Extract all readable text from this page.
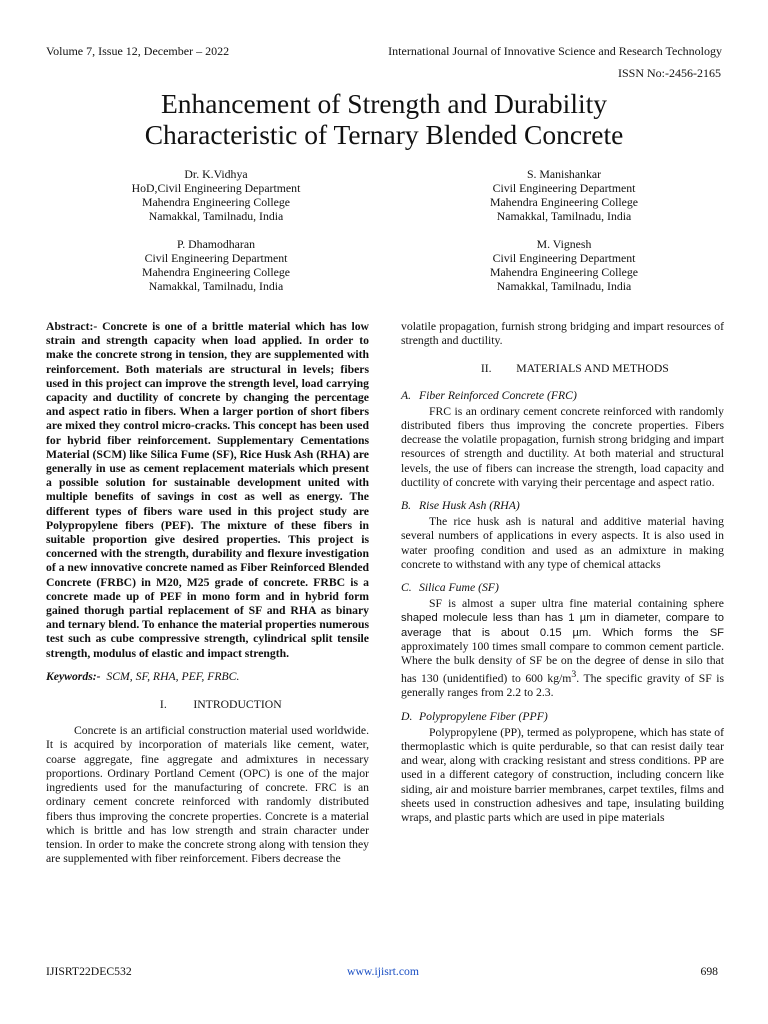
Volume 7, Issue 12, December – 2022	International Journal of Innovative Science and Research Technology
ISSN No:-2456-2165
Enhancement of Strength and Durability
Characteristic of Ternary Blended Concrete
Dr. K.Vidhya
HoD,Civil Engineering Department
Mahendra Engineering College
Namakkal, Tamilnadu, India
S. Manishankar
Civil Engineering Department
Mahendra Engineering College
Namakkal, Tamilnadu, India
P. Dhamodharan
Civil Engineering Department
Mahendra Engineering College
Namakkal, Tamilnadu, India
M. Vignesh
Civil Engineering Department
Mahendra Engineering College
Namakkal, Tamilnadu, India

Abstract:- Concrete is one of a brittle material which has low strain and strength capacity when load applied. In order to make the concrete strong in tension, they are supplemented with reinforcement. Both materials are structural in levels; fibers used in this project can improve the strength level, load carrying capacity and ductility of concrete by changing the percentage and aspect ratio in fibers. When a larger portion of short fibers are mixed they control micro-cracks. This concept has been used for hybrid fiber reinforcement. Supplementary Cementations Material (SCM) like Silica Fume (SF), Rice Husk Ash (RHA) are generally in use as cement replacement materials which present a possible solution for sustainable development united with multiple benefits of savings in cost as well as energy. The different types of fibers ware used in this project study are Polypropylene fibers (PEF). The mixture of these fibers in suitable proportion give desired properties. This project is concerned with the strength, durability and flexure investigation of a new innovative concrete named as Fiber Reinforced Blended Concrete (FRBC) in M20, M25 grade of concrete. FRBC is a concrete made up of PEF in mono form and in hybrid form gained thorugh partial replacement of SF and RHA as binary and ternary blend. To enhance the material properties numerous test such as cube compressive strength, cylindrical split tensile strength, modulus of elastic and impact strength.

Keywords:- SCM, SF, RHA, PEF, FRBC.

I. INTRODUCTION

Concrete is an artificial construction material used worldwide. It is acquired by incorporation of materials like cement, water, coarse aggregate, fine aggregate and admixtures in necessary proportions. Ordinary Portland Cement (OPC) is one of the major ingredients used for the manufacturing of concrete. FRC is an ordinary cement concrete reinforced with randomly distributed fibers thus improving the concrete properties. Concrete is a material which is brittle and has low strength and strain character under tension. In order to make the concrete strong along with tension they are supplemented with fiber reinforcement. Fibers decrease the

volatile propagation, furnish strong bridging and impart resources of strength and ductility.

II. MATERIALS AND METHODS
A. Fiber Reinforced Concrete (FRC)

FRC is an ordinary cement concrete reinforced with randomly distributed fibers thus improving the concrete properties. Fibers decrease the volatile propagation, furnish strong bridging and impart resources of strength and ductility. At both material and structural levels, the use of fibers can increase the strength, load capacity and ductility of concrete with varying their percentage and aspect ratio.

B. Rise Husk Ash (RHA)

The rice husk ash is natural and additive material having several numbers of applications in every aspects. It is also used in water proofing condition and used as an admixture in making concrete to withstand with any type of chemical attacks

C. Silica Fume (SF)

SF is almost a super ultra fine material containing sphere shaped molecule less than has 1 µm in diameter, compare to average that is about 0.15 µm. Which forms the SF approximately 100 times small compare to common cement particle. Where the bulk density of SF be on the degree of dense in silo that has 130 (unidentified) to 600 $kg/m^3$. The specific gravity of SF is generally ranges from 2.2 to 2.3.

D. Polypropylene Fiber (PPF)

Polypropylene (PP), termed as polypropene, which has state of thermoplastic which is quite perdurable, so that can resist daily tear and wear, along with cracking resistant and stress conditions. PP are used in a different category of construction, including concern like siding, air and moisture barrier membranes, carpet textiles, films and sheets used in construction adhesives and tape, insulating building wraps, and plastic parts which are used in pipe materials

IJISRT22DEC532	www.ijisrt.com	698
